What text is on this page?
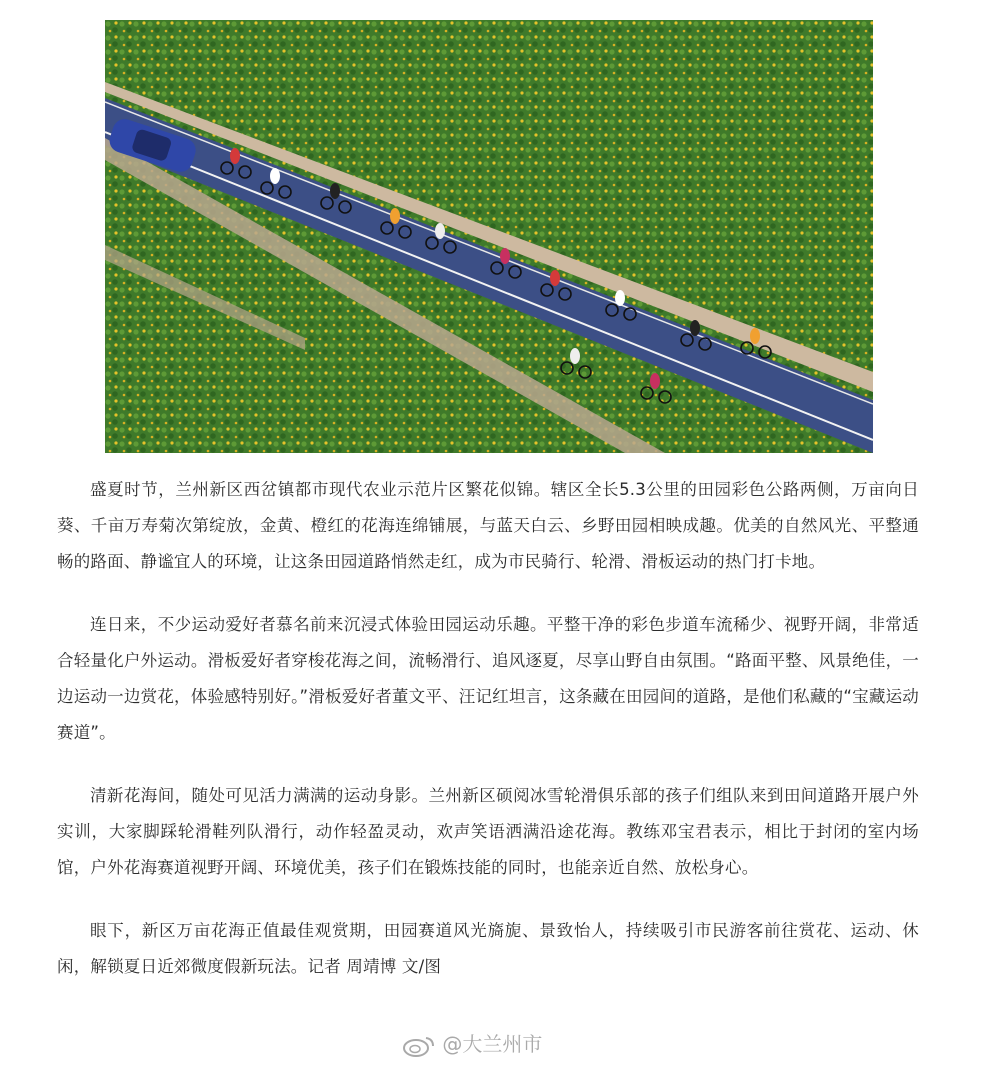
盛夏时节，兰州新区西岔镇都市现代农业示范片区繁花似锦。辖区全长5.3公里的田园彩色公路两侧，万亩向日葵、千亩万寿菊次第绽放，金黄、橙红的花海连绵铺展，与蓝天白云、乡野田园相映成趣。优美的自然风光、平整通畅的路面、静谧宜人的环境，让这条田园道路悄然走红，成为市民骑行、轮滑、滑板运动的热门打卡地。

连日来，不少运动爱好者慕名前来沉浸式体验田园运动乐趣。平整干净的彩色步道车流稀少、视野开阔，非常适合轻量化户外运动。滑板爱好者穿梭花海之间，流畅滑行、追风逐夏，尽享山野自由氛围。“路面平整、风景绝佳，一边运动一边赏花，体验感特别好。”滑板爱好者董文平、汪记红坦言，这条藏在田园间的道路，是他们私藏的“宝藏运动赛道”。

清新花海间，随处可见活力满满的运动身影。兰州新区硕阅冰雪轮滑俱乐部的孩子们组队来到田间道路开展户外实训，大家脚踩轮滑鞋列队滑行，动作轻盈灵动，欢声笑语洒满沿途花海。教练邓宝君表示，相比于封闭的室内场馆，户外花海赛道视野开阔、环境优美，孩子们在锻炼技能的同时，也能亲近自然、放松身心。

眼下，新区万亩花海正值最佳观赏期，田园赛道风光旖旎、景致怡人，持续吸引市民游客前往赏花、运动、休闲，解锁夏日近郊微度假新玩法。记者 周靖博 文/图

@大兰州市
